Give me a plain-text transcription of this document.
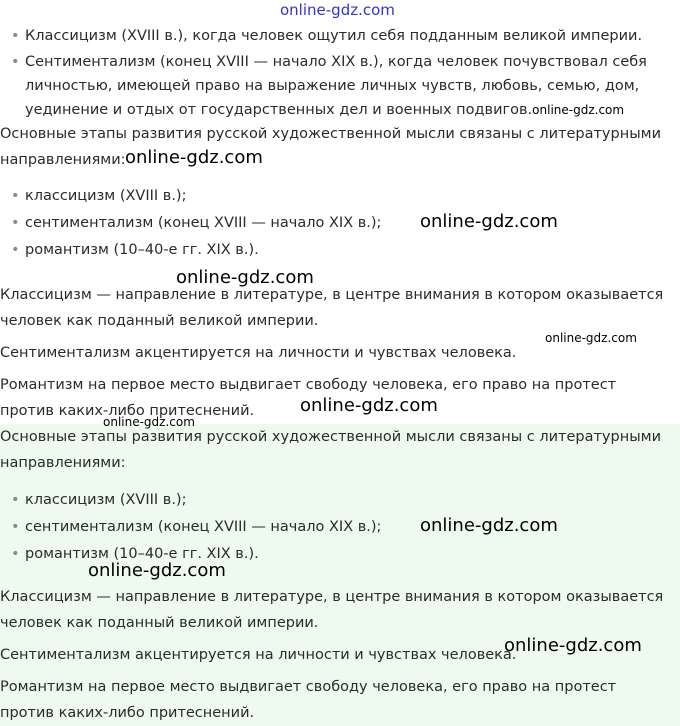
• Классицизм (XVIII в.), когда человек ощутил себя подданным великой империи.
• Сентиментализм (конец XVIII — начало XIX в.), когда человек почувствовал себя личностью, имеющей право на выражение личных чувств, любовь, семью, дом, уединение и отдых от государственных дел и военных подвигов.online-gdz.com
Основные этапы развития русской художественной мысли связаны с литературными направлениями:
• классицизм (XVIII в.);
• сентиментализм (конец XVIII — начало XIX в.);
• романтизм (10–40-е гг. XIX в.).
Классицизм — направление в литературе, в центре внимания в котором оказывается человек как поданный великой империи.
Сентиментализм акцентируется на личности и чувствах человека.
Романтизм на первое место выдвигает свободу человека, его право на протест против каких-либо притеснений.
Основные этапы развития русской художественной мысли связаны с литературными направлениями:
• классицизм (XVIII в.);
• сентиментализм (конец XVIII — начало XIX в.);
• романтизм (10–40-е гг. XIX в.).
Классицизм — направление в литературе, в центре внимания в котором оказывается человек как поданный великой империи.
Сентиментализм акцентируется на личности и чувствах человека.
Романтизм на первое место выдвигает свободу человека, его право на протест против каких-либо притеснений.
online-gdz.com
online-gdz.com
online-gdz.com
online-gdz.com
online-gdz.com
online-gdz.com
online-gdz.com
online-gdz.com
online-gdz.com
online-gdz.com
